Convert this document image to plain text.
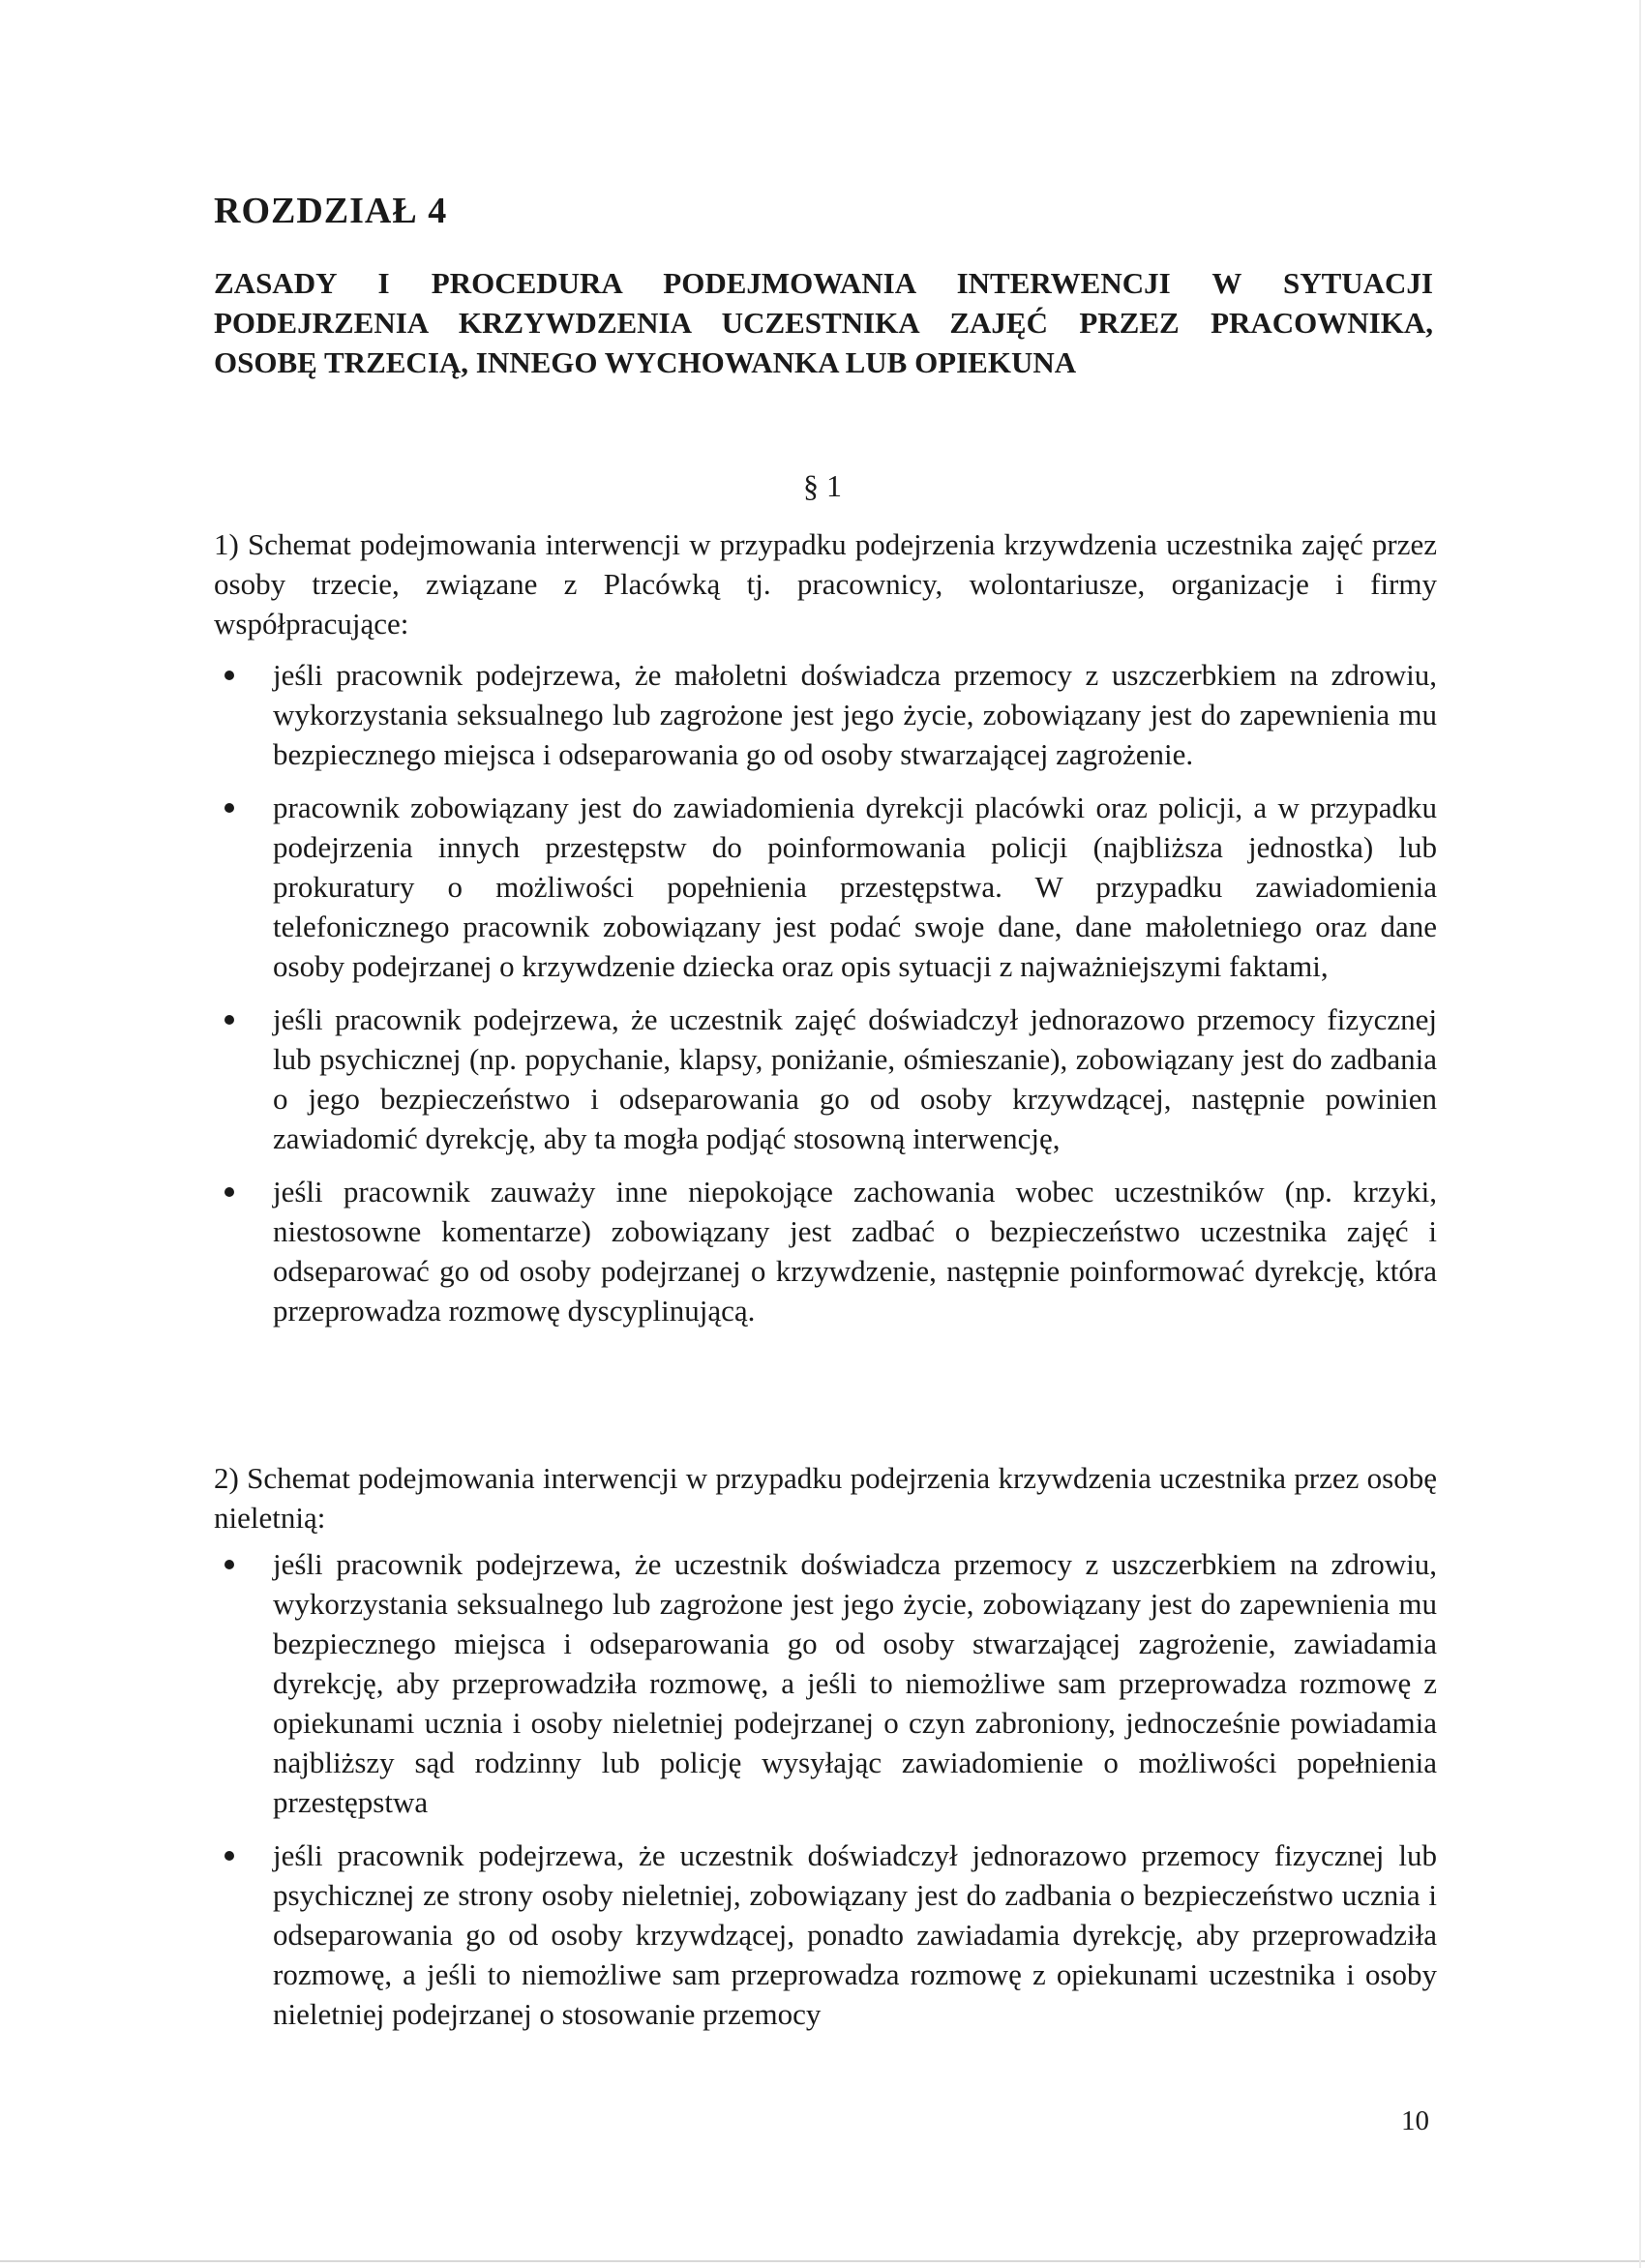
ROZDZIAŁ 4
ZASADY I PROCEDURA PODEJMOWANIA INTERWENCJI W SYTUACJI
PODEJRZENIA KRZYWDZENIA UCZESTNIKA ZAJĘĆ PRZEZ PRACOWNIKA,
OSOBĘ TRZECIĄ, INNEGO WYCHOWANKA LUB OPIEKUNA
§ 1

1) Schemat podejmowania interwencji w przypadku podejrzenia krzywdzenia uczestnika zajęć przez osoby trzecie, związane z Placówką tj. pracownicy, wolontariusze, organizacje i firmy współpracujące:

jeśli pracownik podejrzewa, że małoletni doświadcza przemocy z uszczerbkiem na zdrowiu, wykorzystania seksualnego lub zagrożone jest jego życie, zobowiązany jest do zapewnienia mu bezpiecznego miejsca i odseparowania go od osoby stwarzającej zagrożenie.
pracownik zobowiązany jest do zawiadomienia dyrekcji placówki oraz policji, a w przypadku podejrzenia innych przestępstw do poinformowania policji (najbliższa jednostka) lub prokuratury o możliwości popełnienia przestępstwa. W przypadku zawiadomienia telefonicznego pracownik zobowiązany jest podać swoje dane, dane małoletniego oraz dane osoby podejrzanej o krzywdzenie dziecka oraz opis sytuacji z najważniejszymi faktami,
jeśli pracownik podejrzewa, że uczestnik zajęć doświadczył jednorazowo przemocy fizycznej lub psychicznej (np. popychanie, klapsy, poniżanie, ośmieszanie), zobowiązany jest do zadbania o jego bezpieczeństwo i odseparowania go od osoby krzywdzącej, następnie powinien zawiadomić dyrekcję, aby ta mogła podjąć stosowną interwencję,
jeśli pracownik zauważy inne niepokojące zachowania wobec uczestników (np. krzyki, niestosowne komentarze) zobowiązany jest zadbać o bezpieczeństwo uczestnika zajęć i odseparować go od osoby podejrzanej o krzywdzenie, następnie poinformować dyrekcję, która przeprowadza rozmowę dyscyplinującą.

2) Schemat podejmowania interwencji w przypadku podejrzenia krzywdzenia uczestnika przez osobę nieletnią:

jeśli pracownik podejrzewa, że uczestnik doświadcza przemocy z uszczerbkiem na zdrowiu, wykorzystania seksualnego lub zagrożone jest jego życie, zobowiązany jest do zapewnienia mu bezpiecznego miejsca i odseparowania go od osoby stwarzającej zagrożenie, zawiadamia dyrekcję, aby przeprowadziła rozmowę, a jeśli to niemożliwe sam przeprowadza rozmowę z opiekunami ucznia i osoby nieletniej podejrzanej o czyn zabroniony, jednocześnie powiadamia najbliższy sąd rodzinny lub policję wysyłając zawiadomienie o możliwości popełnienia przestępstwa
jeśli pracownik podejrzewa, że uczestnik doświadczył jednorazowo przemocy fizycznej lub psychicznej ze strony osoby nieletniej, zobowiązany jest do zadbania o bezpieczeństwo ucznia i odseparowania go od osoby krzywdzącej, ponadto zawiadamia dyrekcję, aby przeprowadziła rozmowę, a jeśli to niemożliwe sam przeprowadza rozmowę z opiekunami uczestnika i osoby nieletniej podejrzanej o stosowanie przemocy
10
